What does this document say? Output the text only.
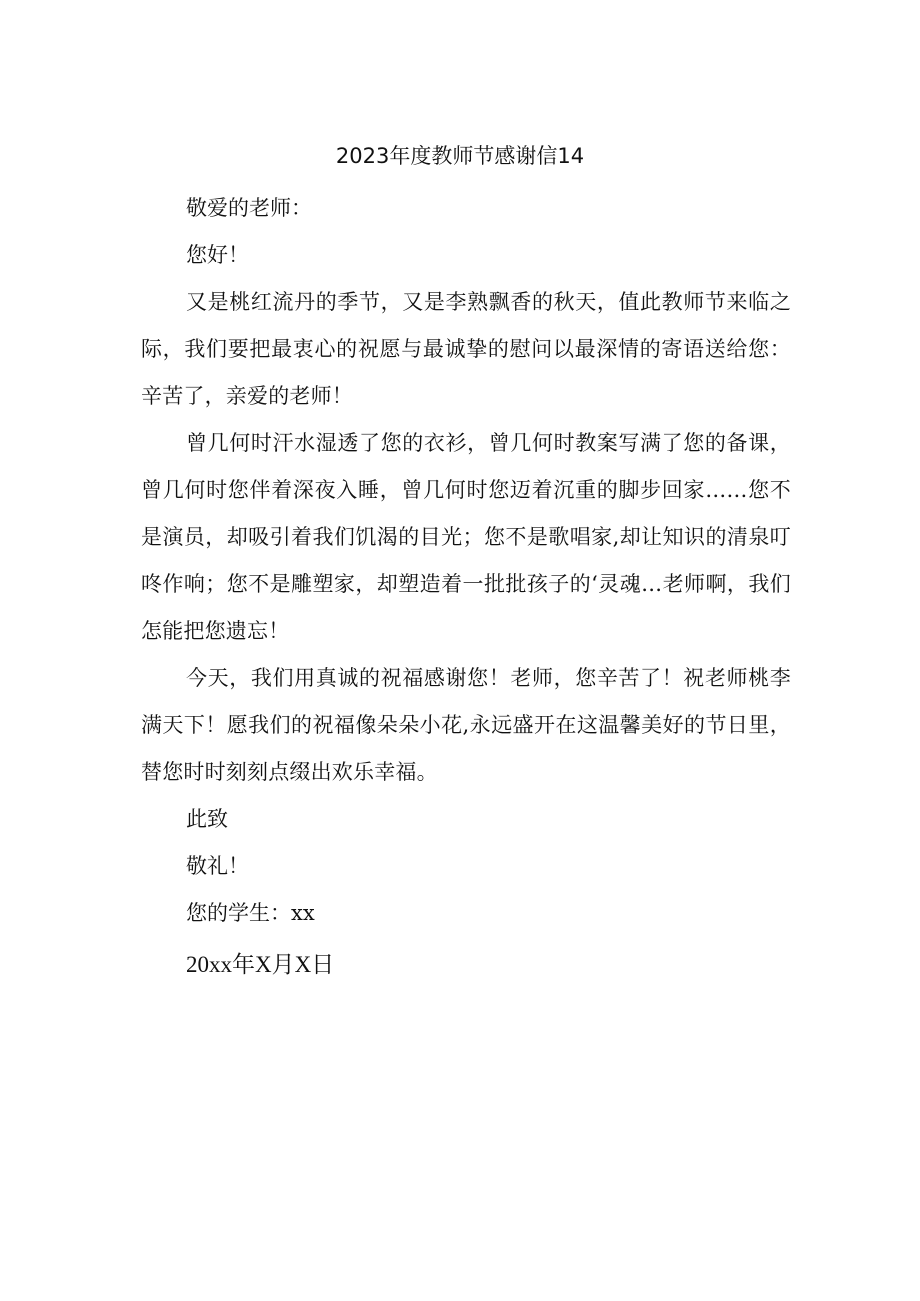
2023年度教师节感谢信14

敬爱的老师：

您好！

又是桃红流丹的季节，又是李熟飘香的秋天，值此教师节来临之际，我们要把最衷心的祝愿与最诚挚的慰问以最深情的寄语送给您：辛苦了，亲爱的老师！

曾几何时汗水湿透了您的衣衫，曾几何时教案写满了您的备课，曾几何时您伴着深夜入睡，曾几何时您迈着沉重的脚步回家……您不是演员，却吸引着我们饥渴的目光；您不是歌唱家,却让知识的清泉叮咚作响；您不是雕塑家，却塑造着一批批孩子的‘灵魂…老师啊，我们怎能把您遗忘！

今天，我们用真诚的祝福感谢您！老师，您辛苦了！祝老师桃李满天下！愿我们的祝福像朵朵小花,永远盛开在这温馨美好的节日里，替您时时刻刻点缀出欢乐幸福。

此致

敬礼！

您的学生：xx

20xx年X月X日
